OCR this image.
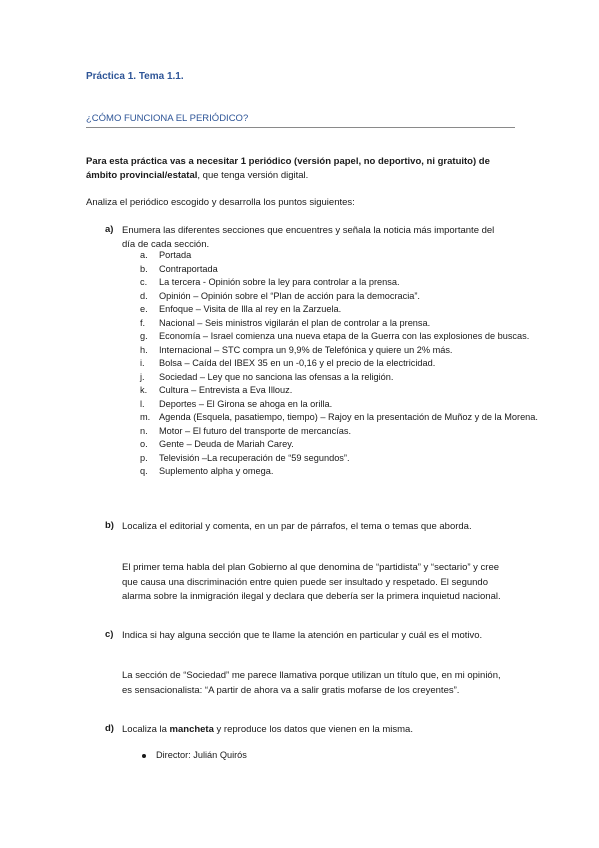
Práctica 1. Tema 1.1.
¿CÓMO FUNCIONA EL PERIÓDICO?
Para esta práctica vas a necesitar 1 periódico (versión papel, no deportivo, ni gratuito) de ámbito provincial/estatal, que tenga versión digital.
Analiza el periódico escogido y desarrolla los puntos siguientes:
a) Enumera las diferentes secciones que encuentres y señala la noticia más importante del día de cada sección.
a. Portada
b. Contraportada
c. La tercera - Opinión sobre la ley para controlar a la prensa.
d. Opinión – Opinión sobre el “Plan de acción para la democracia”.
e. Enfoque – Visita de Illa al rey en la Zarzuela.
f. Nacional – Seis ministros vigilarán el plan de controlar a la prensa.
g. Economía – Israel comienza una nueva etapa de la Guerra con las explosiones de buscas.
h. Internacional – STC compra un 9,9% de Telefónica y quiere un 2% más.
i. Bolsa – Caída del IBEX 35 en un -0,16 y el precio de la electricidad.
j. Sociedad – Ley que no sanciona las ofensas a la religión.
k. Cultura – Entrevista a Eva Illouz.
l. Deportes – El Girona se ahoga en la orilla.
m. Agenda (Esquela, pasatiempo, tiempo) – Rajoy en la presentación de Muñoz y de la Morena.
n. Motor – El futuro del transporte de mercancías.
o. Gente – Deuda de Mariah Carey.
p. Televisión –La recuperación de “59 segundos”.
q. Suplemento alpha y omega.
b) Localiza el editorial y comenta, en un par de párrafos, el tema o temas que aborda.
El primer tema habla del plan Gobierno al que denomina de “partidista” y “sectario” y cree que causa una discriminación entre quien puede ser insultado y respetado. El segundo alarma sobre la inmigración ilegal y declara que debería ser la primera inquietud nacional.
c) Indica si hay alguna sección que te llame la atención en particular y cuál es el motivo.
La sección de “Sociedad” me parece llamativa porque utilizan un título que, en mi opinión, es sensacionalista: “A partir de ahora va a salir gratis mofarse de los creyentes”.
d) Localiza la mancheta y reproduce los datos que vienen en la misma.
Director: Julián Quirós
